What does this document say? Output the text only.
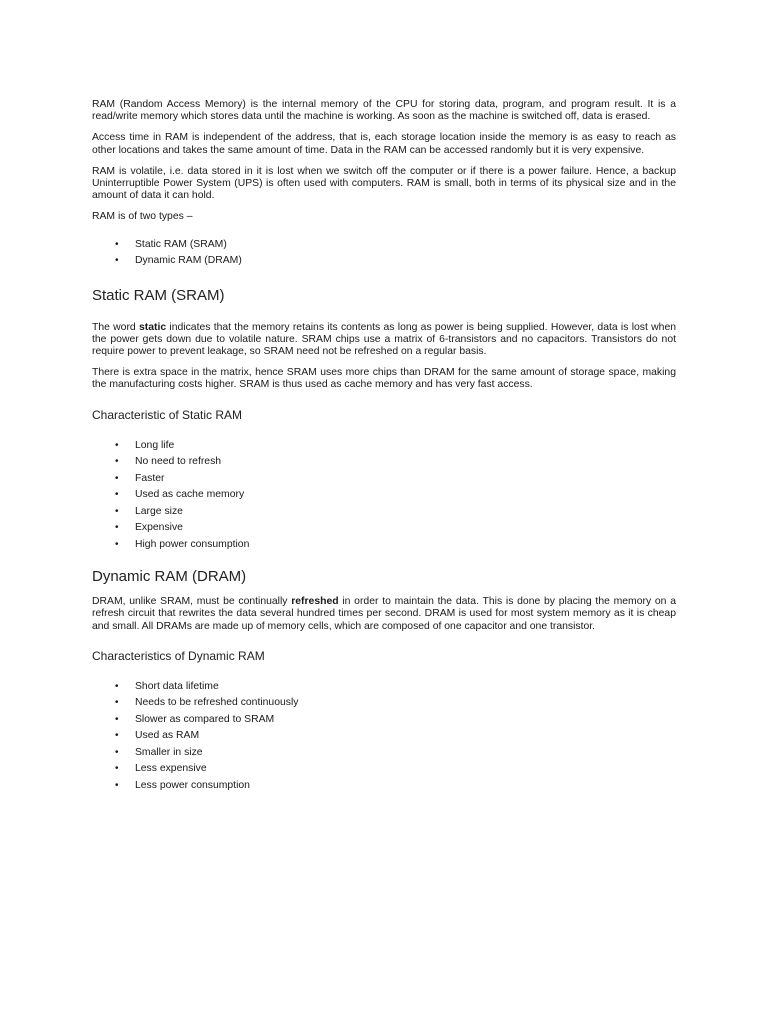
RAM (Random Access Memory) is the internal memory of the CPU for storing data, program, and program result. It is a read/write memory which stores data until the machine is working. As soon as the machine is switched off, data is erased.

Access time in RAM is independent of the address, that is, each storage location inside the memory is as easy to reach as other locations and takes the same amount of time. Data in the RAM can be accessed randomly but it is very expensive.

RAM is volatile, i.e. data stored in it is lost when we switch off the computer or if there is a power failure. Hence, a backup Uninterruptible Power System (UPS) is often used with computers. RAM is small, both in terms of its physical size and in the amount of data it can hold.

RAM is of two types –

• Static RAM (SRAM)
• Dynamic RAM (DRAM)
Static RAM (SRAM)

The word static indicates that the memory retains its contents as long as power is being supplied. However, data is lost when the power gets down due to volatile nature. SRAM chips use a matrix of 6-transistors and no capacitors. Transistors do not require power to prevent leakage, so SRAM need not be refreshed on a regular basis.

There is extra space in the matrix, hence SRAM uses more chips than DRAM for the same amount of storage space, making the manufacturing costs higher. SRAM is thus used as cache memory and has very fast access.

Characteristic of Static RAM
• Long life
• No need to refresh
• Faster
• Used as cache memory
• Large size
• Expensive
• High power consumption
Dynamic RAM (DRAM)

DRAM, unlike SRAM, must be continually refreshed in order to maintain the data. This is done by placing the memory on a refresh circuit that rewrites the data several hundred times per second. DRAM is used for most system memory as it is cheap and small. All DRAMs are made up of memory cells, which are composed of one capacitor and one transistor.

Characteristics of Dynamic RAM
• Short data lifetime
• Needs to be refreshed continuously
• Slower as compared to SRAM
• Used as RAM
• Smaller in size
• Less expensive
• Less power consumption
